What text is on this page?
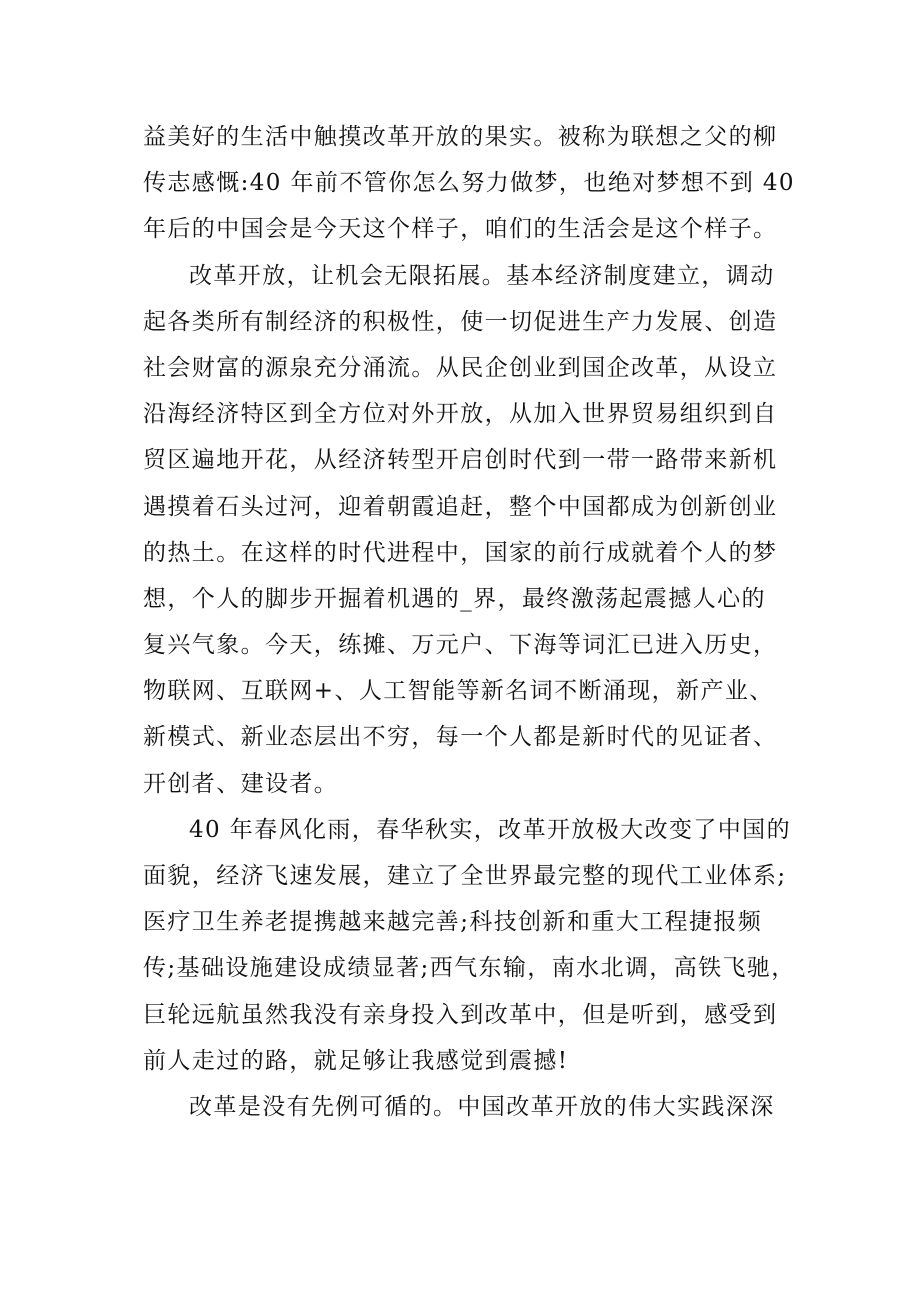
益美好的生活中触摸改革开放的果实。被称为联想之父的柳
传志感慨:40 年前不管你怎么努力做梦，也绝对梦想不到 40
年后的中国会是今天这个样子，咱们的生活会是这个样子。
改革开放，让机会无限拓展。基本经济制度建立，调动
起各类所有制经济的积极性，使一切促进生产力发展、创造
社会财富的源泉充分涌流。从民企创业到国企改革，从设立
沿海经济特区到全方位对外开放，从加入世界贸易组织到自
贸区遍地开花，从经济转型开启创时代到一带一路带来新机
遇摸着石头过河，迎着朝霞追赶，整个中国都成为创新创业
的热土。在这样的时代进程中，国家的前行成就着个人的梦
想，个人的脚步开掘着机遇的_界，最终激荡起震撼人心的
复兴气象。今天，练摊、万元户、下海等词汇已进入历史，
物联网、互联网+、人工智能等新名词不断涌现，新产业、
新模式、新业态层出不穷，每一个人都是新时代的见证者、
开创者、建设者。
40 年春风化雨，春华秋实，改革开放极大改变了中国的
面貌，经济飞速发展，建立了全世界最完整的现代工业体系;
医疗卫生养老提携越来越完善;科技创新和重大工程捷报频
传;基础设施建设成绩显著;西气东输，南水北调，高铁飞驰，
巨轮远航虽然我没有亲身投入到改革中，但是听到，感受到
前人走过的路，就足够让我感觉到震撼!
改革是没有先例可循的。中国改革开放的伟大实践深深
